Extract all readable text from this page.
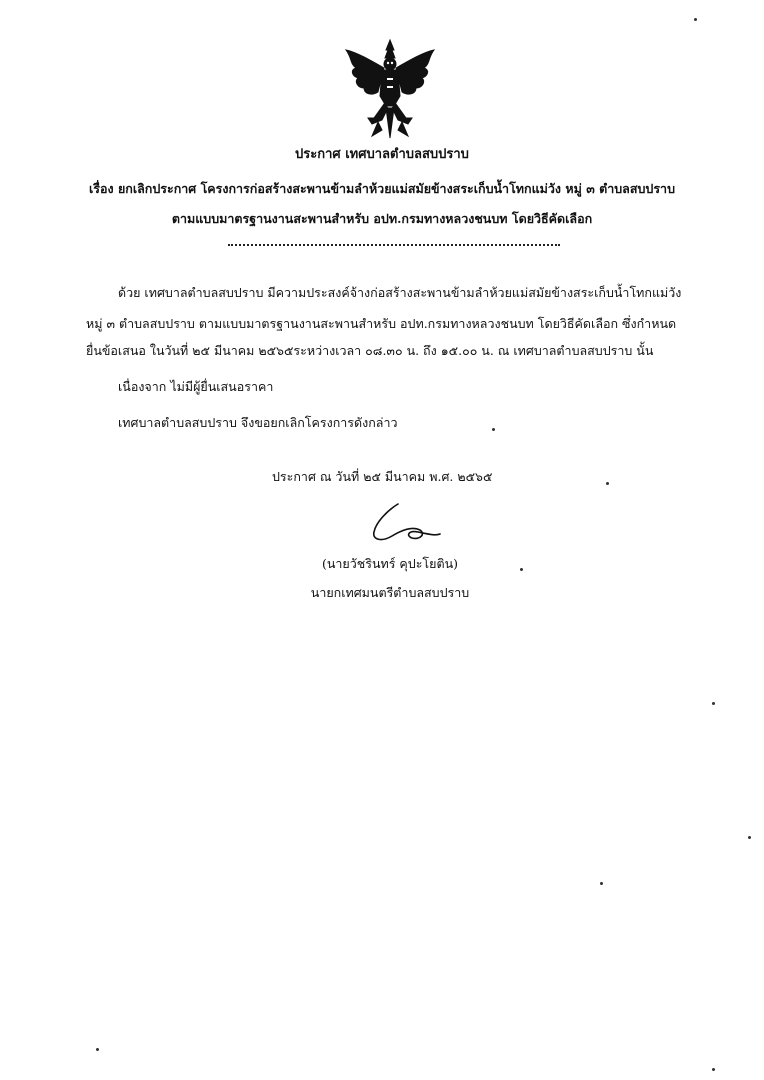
ประกาศ เทศบาลตำบลสบปราบ
เรื่อง ยกเลิกประกาศ โครงการก่อสร้างสะพานข้ามลำห้วยแม่สมัยข้างสระเก็บน้ำโทกแม่วัง หมู่ ๓ ตำบลสบปราบ
ตามแบบมาตรฐานงานสะพานสำหรับ อปท.กรมทางหลวงชนบท โดยวิธีคัดเลือก
ด้วย เทศบาลตำบลสบปราบ มีความประสงค์จ้างก่อสร้างสะพานข้ามลำห้วยแม่สมัยข้างสระเก็บน้ำโทกแม่วัง
หมู่ ๓ ตำบลสบปราบ ตามแบบมาตรฐานงานสะพานสำหรับ อปท.กรมทางหลวงชนบท โดยวิธีคัดเลือก ซึ่งกำหนด
ยื่นข้อเสนอ ในวันที่ ๒๕ มีนาคม ๒๕๖๕ระหว่างเวลา ๐๘.๓๐ น. ถึง ๑๕.๐๐ น. ณ เทศบาลตำบลสบปราบ นั้น
เนื่องจาก ไม่มีผู้ยื่นเสนอราคา
เทศบาลตำบลสบปราบ จึงขอยกเลิกโครงการดังกล่าว
ประกาศ ณ วันที่ ๒๕ มีนาคม พ.ศ. ๒๕๖๕
(นายวัชรินทร์ คุปะโยติน)
นายกเทศมนตรีตำบลสบปราบ
